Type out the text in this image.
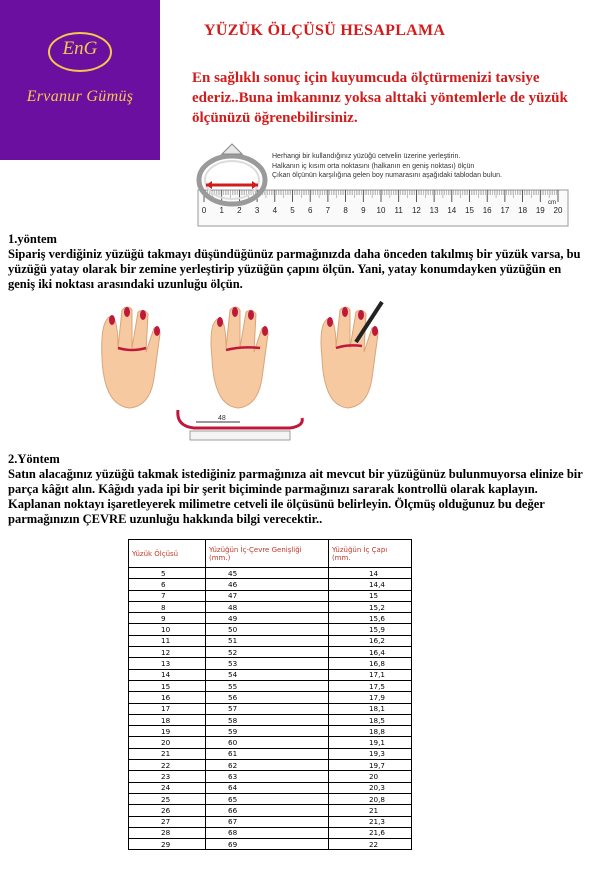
EnG
Ervanur Gümüş
YÜZÜK ÖLÇÜSÜ HESAPLAMA
En sağlıklı sonuç için kuyumcuda ölçtürmenizi tavsiye ederiz..Buna imkanınız yoksa alttaki yöntemlerle de yüzük ölçünüzü öğrenebilirsiniz.
0 1 2 3 4 5 6 7 8 9 10 11 12 13 14 15 16 17 18 19 20
cm
Herhangi bir kullandığınız yüzüğü cetvelin üzerine yerleştirin.
Halkanın iç kısım orta noktasını (halkanın en geniş noktası) ölçün
Çıkan ölçünün karşılığına gelen boy numarasını aşağıdaki tablodan bulun.
1.yöntem
Sipariş verdiğiniz yüzüğü takmayı düşündüğünüz parmağınızda daha önceden takılmış bir yüzük varsa, bu yüzüğü yatay olarak bir zemine yerleştirip yüzüğün çapını ölçün. Yani, yatay konumdayken yüzüğün en geniş iki noktası arasındaki uzunluğu ölçün.
48
2.Yöntem
Satın alacağınız yüzüğü takmak istediğiniz parmağınıza ait mevcut bir yüzüğünüz bulunmuyorsa elinize bir parça kâğıt alın. Kâğıdı yada ipi bir şerit biçiminde parmağınızı sararak kontrollü olarak kaplayın. Kaplanan noktayı işaretleyerek milimetre cetveli ile ölçüsünü belirleyin. Ölçmüş olduğunuz bu değer parmağınızın ÇEVRE uzunluğu hakkında bilgi verecektir..
Yüzük Ölçüsü	Yüzüğün İç-Çevre Genişliği (mm.)	Yüzüğün İç Çapı (mm.
5	45	14
6	46	14,4
7	47	15
8	48	15,2
9	49	15,6
10	50	15,9
11	51	16,2
12	52	16,4
13	53	16,8
14	54	17,1
15	55	17,5
16	56	17,9
17	57	18,1
18	58	18,5
19	59	18,8
20	60	19,1
21	61	19,3
22	62	19,7
23	63	20
24	64	20,3
25	65	20,8
26	66	21
27	67	21,3
28	68	21,6
29	69	22
